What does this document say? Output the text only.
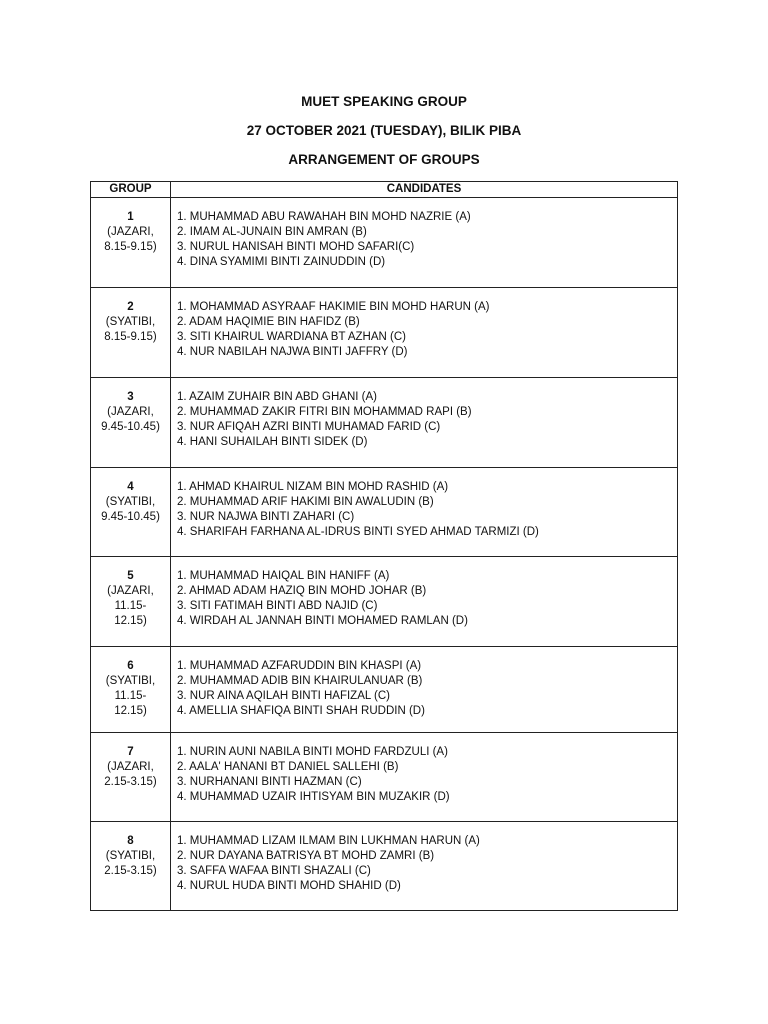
MUET SPEAKING GROUP
27 OCTOBER 2021 (TUESDAY), BILIK PIBA
ARRANGEMENT OF GROUPS
GROUP	CANDIDATES

1
(JAZARI,
8.15-9.15)	1. MUHAMMAD ABU RAWAHAH BIN MOHD NAZRIE (A)
2. IMAM AL-JUNAIN BIN AMRAN (B)
3. NURUL HANISAH BINTI MOHD SAFARI(C)
4. DINA SYAMIMI BINTI ZAINUDDIN (D)

2
(SYATIBI,
8.15-9.15)	1. MOHAMMAD ASYRAAF HAKIMIE BIN MOHD HARUN (A)
2. ADAM HAQIMIE BIN HAFIDZ (B)
3. SITI KHAIRUL WARDIANA BT AZHAN (C)
4. NUR NABILAH NAJWA BINTI JAFFRY (D)

3
(JAZARI,
9.45-10.45)	1. AZAIM ZUHAIR BIN ABD GHANI (A)
2. MUHAMMAD ZAKIR FITRI BIN MOHAMMAD RAPI (B)
3. NUR AFIQAH AZRI BINTI MUHAMAD FARID (C)
4. HANI SUHAILAH BINTI SIDEK (D)

4
(SYATIBI,
9.45-10.45)	1. AHMAD KHAIRUL NIZAM BIN MOHD RASHID (A)
2. MUHAMMAD ARIF HAKIMI BIN AWALUDIN (B)
3. NUR NAJWA BINTI ZAHARI (C)
4. SHARIFAH FARHANA AL-IDRUS BINTI SYED AHMAD TARMIZI (D)

5
(JAZARI,
11.15-
12.15)	1. MUHAMMAD HAIQAL BIN HANIFF (A)
2. AHMAD ADAM HAZIQ BIN MOHD JOHAR (B)
3. SITI FATIMAH BINTI ABD NAJID (C)
4. WIRDAH AL JANNAH BINTI MOHAMED RAMLAN (D)

6
(SYATIBI,
11.15-
12.15)	1. MUHAMMAD AZFARUDDIN BIN KHASPI (A)
2. MUHAMMAD ADIB BIN KHAIRULANUAR (B)
3. NUR AINA AQILAH BINTI HAFIZAL (C)
4. AMELLIA SHAFIQA BINTI SHAH RUDDIN (D)

7
(JAZARI,
2.15-3.15)	1. NURIN AUNI NABILA BINTI MOHD FARDZULI (A)
2. AALA' HANANI BT DANIEL SALLEHI (B)
3. NURHANANI BINTI HAZMAN (C)
4. MUHAMMAD UZAIR IHTISYAM BIN MUZAKIR (D)

8
(SYATIBI,
2.15-3.15)	1. MUHAMMAD LIZAM ILMAM BIN LUKHMAN HARUN (A)
2. NUR DAYANA BATRISYA BT MOHD ZAMRI (B)
3. SAFFA WAFAA BINTI SHAZALI (C)
4. NURUL HUDA BINTI MOHD SHAHID (D)
